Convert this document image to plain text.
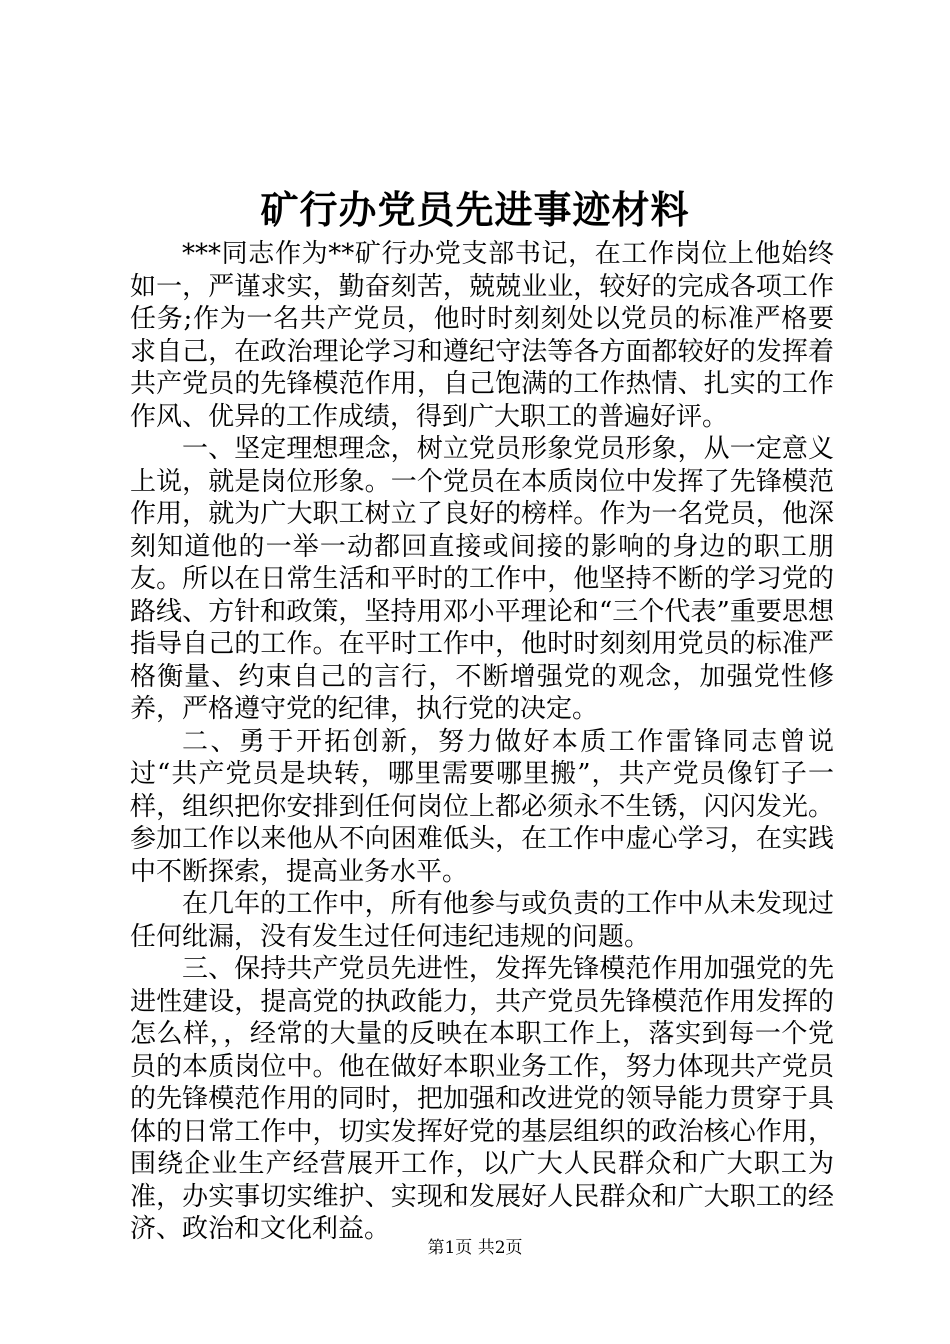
矿行办党员先进事迹材料

***同志作为**矿行办党支部书记，在工作岗位上他始终如一，严谨求实，勤奋刻苦，兢兢业业，较好的完成各项工作任务;作为一名共产党员，他时时刻刻处以党员的标准严格要求自己，在政治理论学习和遵纪守法等各方面都较好的发挥着共产党员的先锋模范作用，自己饱满的工作热情、扎实的工作作风、优异的工作成绩，得到广大职工的普遍好评。

一、坚定理想理念，树立党员形象党员形象，从一定意义上说，就是岗位形象。一个党员在本质岗位中发挥了先锋模范作用，就为广大职工树立了良好的榜样。作为一名党员，他深刻知道他的一举一动都回直接或间接的影响的身边的职工朋友。所以在日常生活和平时的工作中，他坚持不断的学习党的路线、方针和政策，坚持用邓小平理论和“三个代表”重要思想指导自己的工作。在平时工作中，他时时刻刻用党员的标准严格衡量、约束自己的言行，不断增强党的观念，加强党性修养，严格遵守党的纪律，执行党的决定。

二、勇于开拓创新，努力做好本质工作雷锋同志曾说过“共产党员是块转，哪里需要哪里搬”，共产党员像钉子一样，组织把你安排到任何岗位上都必须永不生锈，闪闪发光。参加工作以来他从不向困难低头，在工作中虚心学习，在实践中不断探索，提高业务水平。

在几年的工作中，所有他参与或负责的工作中从未发现过任何纰漏，没有发生过任何违纪违规的问题。

三、保持共产党员先进性，发挥先锋模范作用加强党的先进性建设，提高党的执政能力，共产党员先锋模范作用发挥的怎么样，，经常的大量的反映在本职工作上，落实到每一个党员的本质岗位中。他在做好本职业务工作，努力体现共产党员的先锋模范作用的同时，把加强和改进党的领导能力贯穿于具体的日常工作中，切实发挥好党的基层组织的政治核心作用，围绕企业生产经营展开工作，以广大人民群众和广大职工为准，办实事切实维护、实现和发展好人民群众和广大职工的经济、政治和文化利益。

第1页 共2页
